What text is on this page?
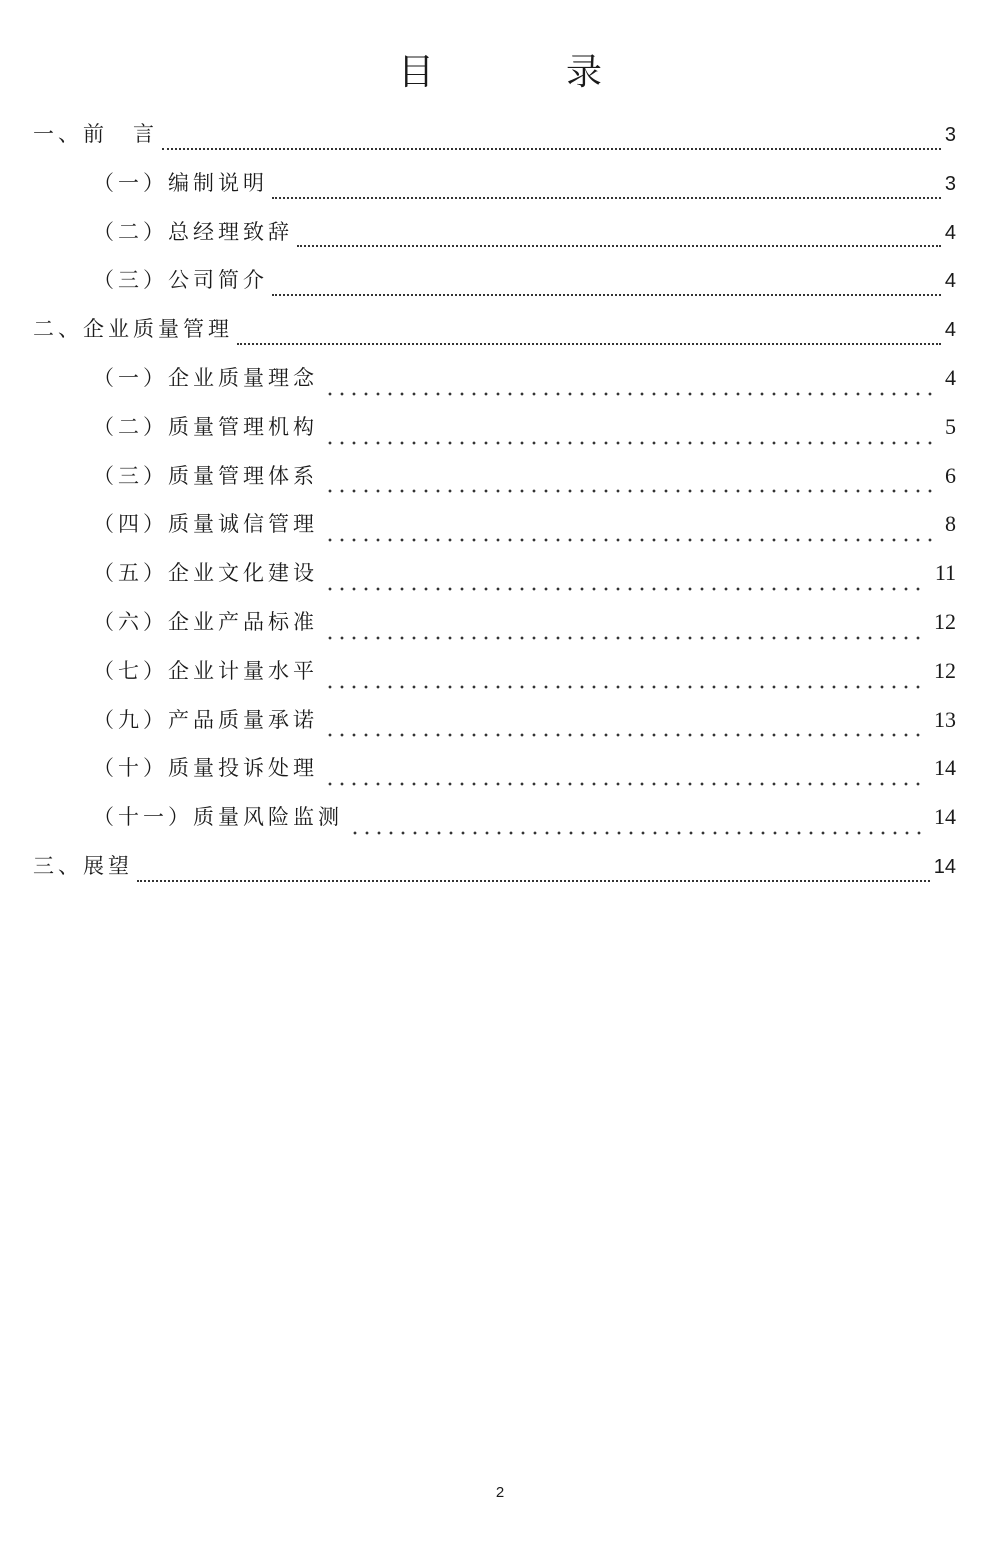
目　录
一、前　言	3
（一）编制说明	3
（二）总经理致辞	4
（三）公司简介	4
二、企业质量管理	4
（一）企业质量理念	4
（二）质量管理机构	5
（三）质量管理体系	6
（四）质量诚信管理	8
（五）企业文化建设	11
（六）企业产品标准	12
（七）企业计量水平	12
（九）产品质量承诺	13
（十）质量投诉处理	14
（十一）质量风险监测	14
三、展望	14
2
